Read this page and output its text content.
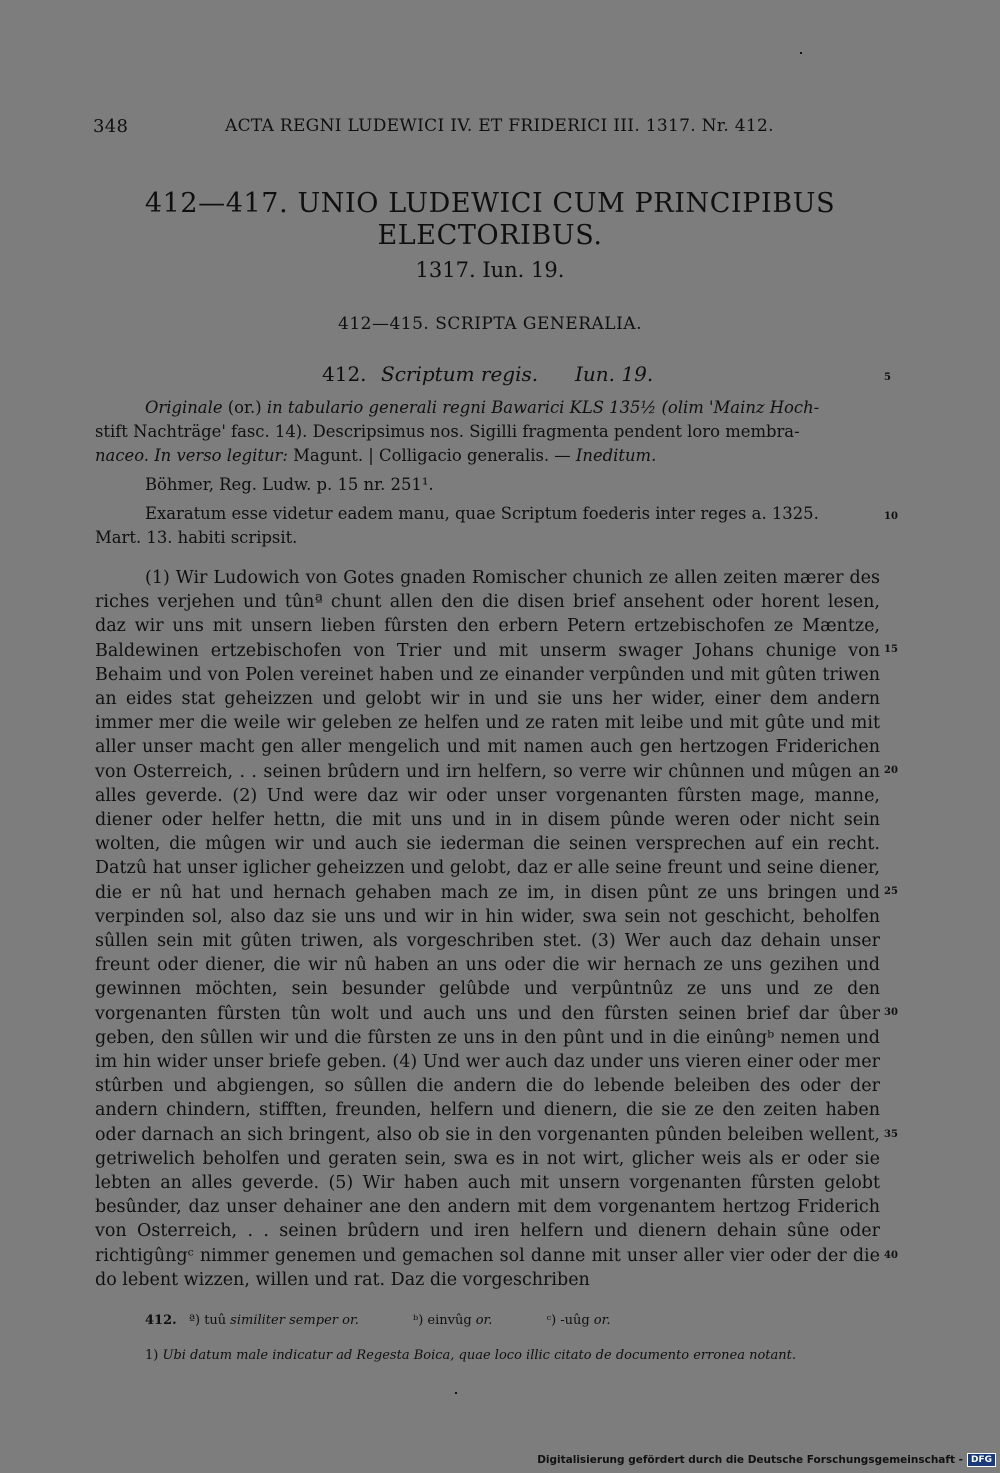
348	ACTA REGNI LUDEWICI IV. ET FRIDERICI III. 1317. Nr. 412.
412—417. UNIO LUDEWICI CUM PRINCIPIBUS
ELECTORIBUS.
1317. Iun. 19.
412—415. SCRIPTA GENERALIA.
412. Scriptum regis. Iun. 19.	5
Originale (or.) in tabulario generali regni Bawarici KLS 135½ (olim 'Mainz Hoch-
stift Nachträge' fasc. 14). Descripsimus nos. Sigilli fragmenta pendent loro membra-
naceo. In verso legitur: Magunt. | Colligacio generalis. — Ineditum.
Böhmer, Reg. Ludw. p. 15 nr. 251¹.
Exaratum esse videtur eadem manu, quae Scriptum foederis inter reges a. 1325.
Mart. 13. habiti scripsit.
10

(1) Wir Ludowich von Gotes gnaden Romischer chunich ze allen zeiten mærer des riches verjehen und tûnª chunt allen den die disen brief ansehent oder horent lesen, daz wir uns mit unsern lieben fûrsten den erbern Petern ertzebischofen ze Mæntze, Baldewinen ertzebischofen von Trier und mit unserm swager Johans chunige von Behaim und von Polen vereinet haben und ze einander verpûnden und mit gûten triwen an eides stat geheizzen und gelobt wir in und sie uns her wider, einer dem andern immer mer die weile wir geleben ze helfen und ze raten mit leibe und mit gûte und mit aller unser macht gen aller mengelich und mit namen auch gen hertzogen Friderichen von Osterreich, . . seinen brûdern und irn helfern, so verre wir chûnnen und mûgen an alles geverde. (2) Und were daz wir oder unser vorgenanten fûrsten mage, manne, diener oder helfer hettn, die mit uns und in in disem pûnde weren oder nicht sein wolten, die mûgen wir und auch sie iederman die seinen versprechen auf ein recht. Datzû hat unser iglicher geheizzen und gelobt, daz er alle seine freunt und seine diener, die er nû hat und hernach gehaben mach ze im, in disen pûnt ze uns bringen und verpinden sol, also daz sie uns und wir in hin wider, swa sein not geschicht, beholfen sûllen sein mit gûten triwen, als vorgeschriben stet. (3) Wer auch daz dehain unser freunt oder diener, die wir nû haben an uns oder die wir hernach ze uns gezihen und gewinnen möchten, sein besunder gelûbde und verpûntnûz ze uns und ze den vorgenanten fûrsten tûn wolt und auch uns und den fûrsten seinen brief dar ûber geben, den sûllen wir und die fûrsten ze uns in den pûnt und in die einûngᵇ nemen und im hin wider unser briefe geben. (4) Und wer auch daz under uns vieren einer oder mer stûrben und abgiengen, so sûllen die andern die do lebende beleiben des oder der andern chindern, stifften, freunden, helfern und dienern, die sie ze den zeiten haben oder darnach an sich bringent, also ob sie in den vorgenanten pûnden beleiben wellent, getriwelich beholfen und geraten sein, swa es in not wirt, glicher weis als er oder sie lebten an alles geverde. (5) Wir haben auch mit unsern vorgenanten fûrsten gelobt besûnder, daz unser dehainer ane den andern mit dem vorgenantem hertzog Friderich von Osterreich, . . seinen brûdern und iren helfern und dienern dehain sûne oder richtigûngᶜ nimmer genemen und gemachen sol danne mit unser aller vier oder der die do lebent wizzen, willen und rat. Daz die vorgeschriben

15
20
25
30
35
40
412. ª) tuû similiter semper or.	ᵇ) einvûg or.	ᶜ) -uûg or.
1) Ubi datum male indicatur ad Regesta Boica, quae loco illic citato de documento erronea notant.
Digitalisierung gefördert durch die Deutsche Forschungsgemeinschaft - DFG
